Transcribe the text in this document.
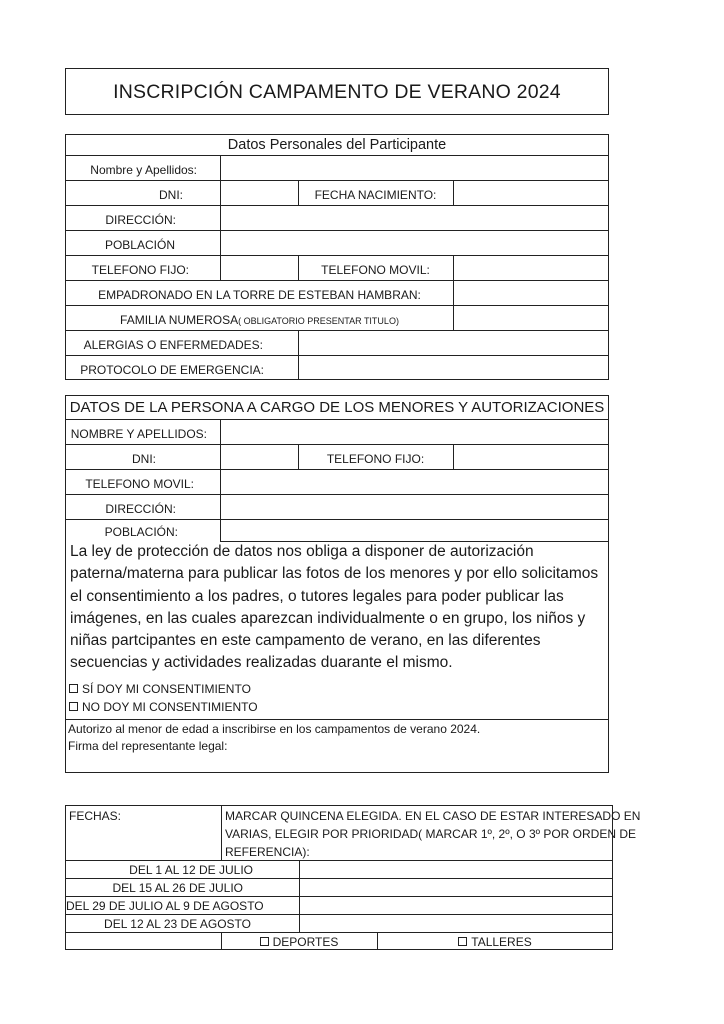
INSCRIPCIÓN CAMPAMENTO DE VERANO 2024
Datos Personales del Participante
Nombre y Apellidos:
DNI:	FECHA NACIMIENTO:
DIRECCIÓN:
POBLACIÓN
TELEFONO FIJO:	TELEFONO MOVIL:
EMPADRONADO EN LA TORRE DE ESTEBAN HAMBRAN:
FAMILIA NUMEROSA( OBLIGATORIO PRESENTAR TITULO)
ALERGIAS O ENFERMEDADES:
PROTOCOLO DE EMERGENCIA:
DATOS DE LA PERSONA A CARGO DE LOS MENORES Y AUTORIZACIONES
NOMBRE Y APELLIDOS:
DNI:	TELEFONO FIJO:
TELEFONO MOVIL:
DIRECCIÓN:
POBLACIÓN:
La ley de protección de datos nos obliga a disponer de autorización paterna/materna para publicar las fotos de los menores y por ello solicitamos el consentimiento a los padres, o tutores legales para poder publicar las imágenes, en las cuales aparezcan individualmente o en grupo, los niños y niñas partcipantes en este campamento de verano, en las diferentes secuencias y actividades realizadas duarante el mismo.
SÍ DOY MI CONSENTIMIENTO
NO DOY MI CONSENTIMIENTO
Autorizo al menor de edad a inscribirse en los campamentos de verano 2024.
Firma del representante legal:
FECHAS:	MARCAR QUINCENA ELEGIDA. EN EL CASO DE ESTAR INTERESADO EN
VARIAS, ELEGIR POR PRIORIDAD( MARCAR 1º, 2º, O 3º POR ORDEN DE
REFERENCIA):
DEL 1 AL 12 DE JULIO
DEL 15 AL 26 DE JULIO
DEL 29 DE JULIO AL 9 DE AGOSTO
DEL 12 AL 23 DE AGOSTO
DEPORTES	TALLERES
